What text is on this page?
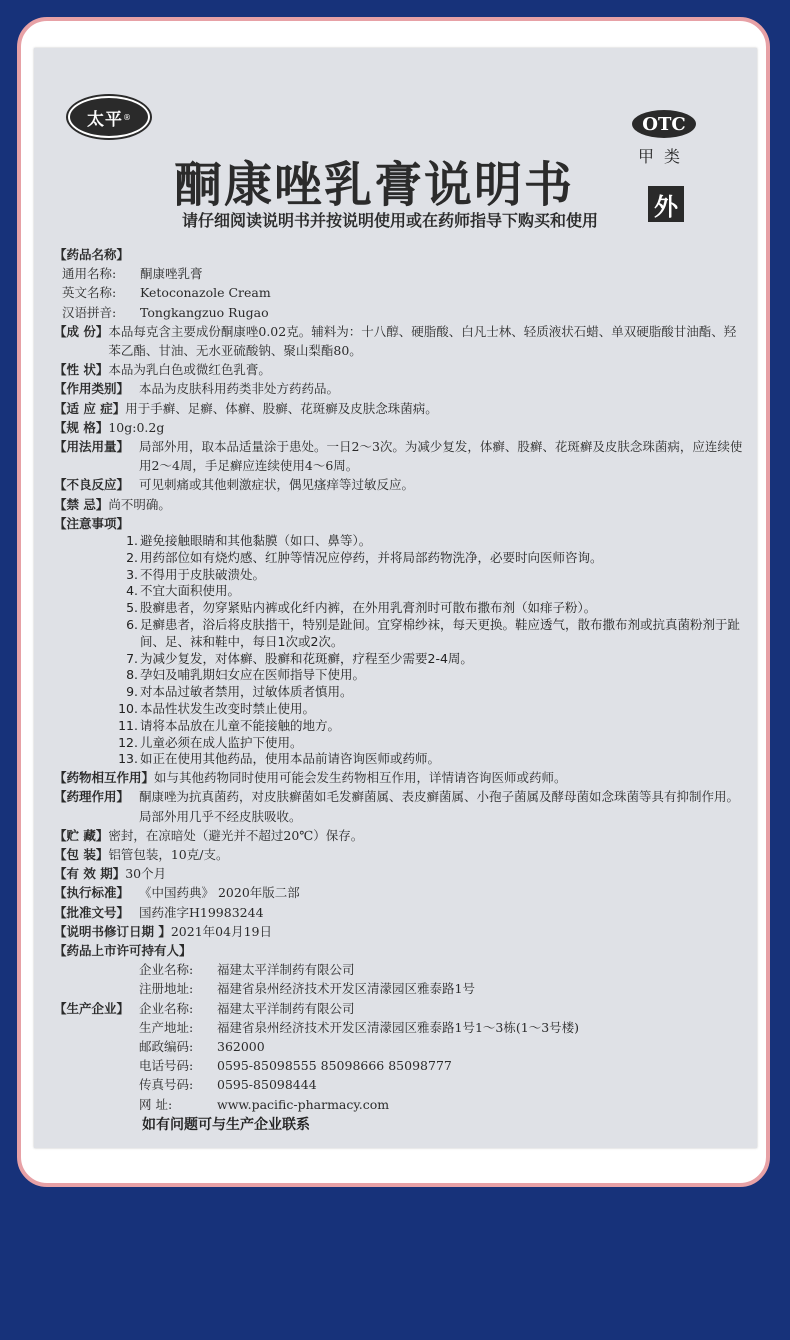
太平 ®	OTC
甲类
外
酮康唑乳膏说明书
请仔细阅读说明书并按说明使用或在药师指导下购买和使用
【药品名称】
通用名称:	酮康唑乳膏
英文名称:	Ketoconazole Cream
汉语拼音:	Tongkangzuo Rugao
【成 份】 本品每克含主要成份酮康唑0.02克。辅料为：十八醇、硬脂酸、白凡士林、轻质液状石蜡、单双硬脂酸甘油酯、羟苯乙酯、甘油、无水亚硫酸钠、聚山梨酯80。
【性 状】 本品为乳白色或微红色乳膏。
【作用类别】 本品为皮肤科用药类非处方药药品。
【适 应 症】 用于手癣、足癣、体癣、股癣、花斑癣及皮肤念珠菌病。
【规 格】 10g:0.2g
【用法用量】 局部外用，取本品适量涂于患处。一日2～3次。为减少复发，体癣、股癣、花斑癣及皮肤念珠菌病，应连续使用2～4周，手足癣应连续使用4～6周。
【不良反应】 可见刺痛或其他刺激症状，偶见瘙痒等过敏反应。
【禁 忌】 尚不明确。
【注意事项】
1. 避免接触眼睛和其他黏膜（如口、鼻等）。
2. 用药部位如有烧灼感、红肿等情况应停药，并将局部药物洗净，必要时向医师咨询。
3. 不得用于皮肤破溃处。
4. 不宜大面积使用。
5. 股癣患者，勿穿紧贴内裤或化纤内裤，在外用乳膏剂时可散布撒布剂（如痱子粉）。
6. 足癣患者，浴后将皮肤揩干，特别是趾间。宜穿棉纱袜，每天更换。鞋应透气，散布撒布剂或抗真菌粉剂于趾间、足、袜和鞋中，每日1次或2次。
7. 为减少复发，对体癣、股癣和花斑癣，疗程至少需要2-4周。
8. 孕妇及哺乳期妇女应在医师指导下使用。
9. 对本品过敏者禁用，过敏体质者慎用。
10. 本品性状发生改变时禁止使用。
11. 请将本品放在儿童不能接触的地方。
12. 儿童必须在成人监护下使用。
13. 如正在使用其他药品，使用本品前请咨询医师或药师。
【药物相互作用】 如与其他药物同时使用可能会发生药物相互作用，详情请咨询医师或药师。
【药理作用】 酮康唑为抗真菌药，对皮肤癣菌如毛发癣菌属、表皮癣菌属、小孢子菌属及酵母菌如念珠菌等具有抑制作用。局部外用几乎不经皮肤吸收。
【贮 藏】 密封，在凉暗处（避光并不超过20℃）保存。
【包 装】 铝管包装，10克/支。
【有 效 期】 30个月
【执行标准】 《中国药典》 2020年版二部
【批准文号】 国药准字H19983244
【说明书修订日期 】 2021年04月19日
【药品上市许可持有人】
企业名称:	福建太平洋制药有限公司
注册地址:	福建省泉州经济技术开发区清濛园区雅泰路1号
【生产企业】 企业名称:	福建太平洋制药有限公司
生产地址:	福建省泉州经济技术开发区清濛园区雅泰路1号1～3栋(1～3号楼)
邮政编码:	362000
电话号码:	0595-85098555 85098666 85098777
传真号码:	0595-85098444
网 址:	www.pacific-pharmacy.com
如有问题可与生产企业联系
